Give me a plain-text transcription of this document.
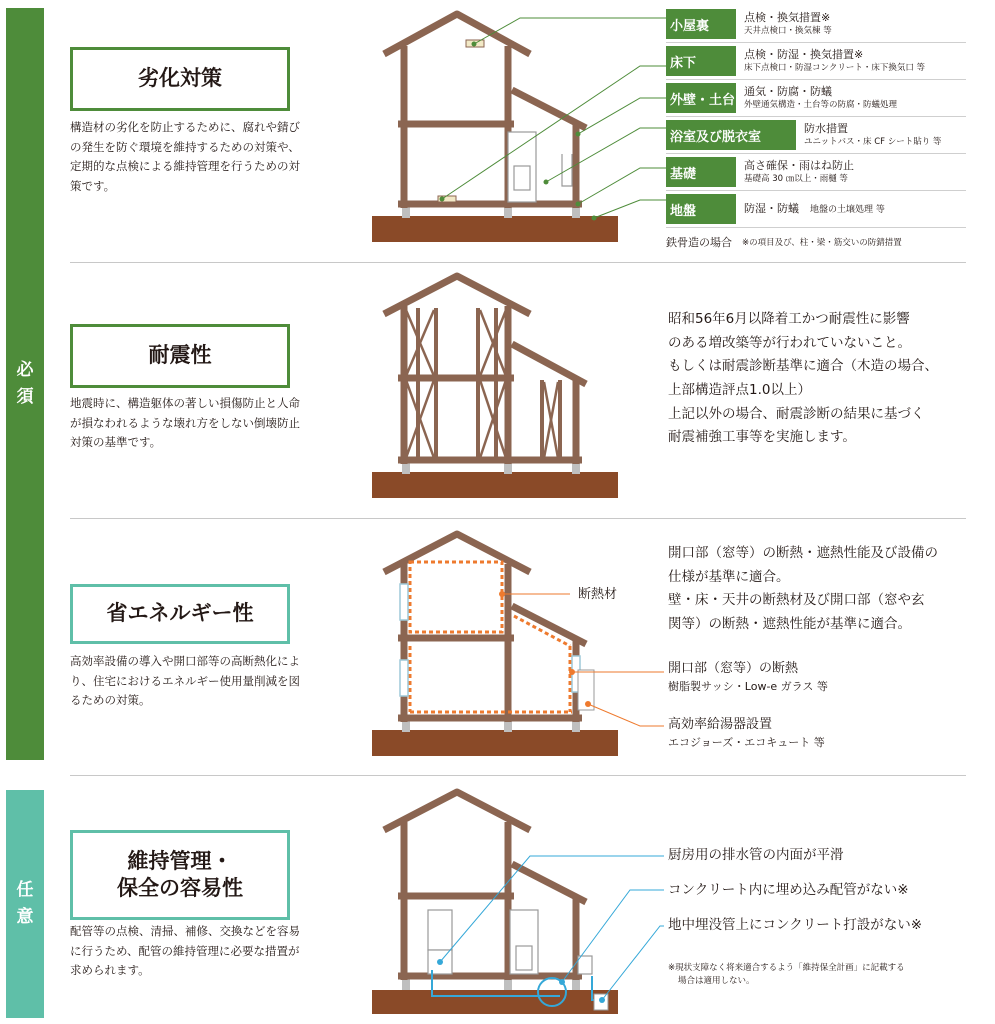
必
須
任
意
劣化対策
構造材の劣化を防止するために、腐れや錆びの発生を防ぐ環境を維持するための対策や、定期的な点検による維持管理を行うための対策です。
小屋裏
点検・換気措置※
天井点検口・換気棟 等
床下
点検・防湿・換気措置※
床下点検口・防湿コンクリート・床下換気口 等
外壁・土台
通気・防腐・防蟻
外壁通気構造・土台等の防腐・防蟻処理
浴室及び脱衣室
防水措置
ユニットバス・床 CF シート貼り 等
基礎
高さ確保・雨はね防止
基礎高 30 ㎝以上・雨樋 等
地盤	防湿・防蟻　 地盤の土壌処理 等
鉄骨造の場合 ※の項目及び、柱・梁・筋交いの防錆措置
耐震性
地震時に、構造躯体の著しい損傷防止と人命が損なわれるような壊れ方をしない倒壊防止対策の基準です。
昭和56年6月以降着工かつ耐震性に影響
のある増改築等が行われていないこと。
もしくは耐震診断基準に適合（木造の場合、
上部構造評点1.0以上）
上記以外の場合、耐震診断の結果に基づく
耐震補強工事等を実施します。
省エネルギー性
高効率設備の導入や開口部等の高断熱化により、住宅におけるエネルギー使用量削減を図るための対策。
開口部（窓等）の断熱・遮熱性能及び設備の
仕様が基準に適合。
壁・床・天井の断熱材及び開口部（窓や玄
関等）の断熱・遮熱性能が基準に適合。
断熱材
開口部（窓等）の断熱
樹脂製サッシ・Low-e ガラス 等
高効率給湯器設置
エコジョーズ・エコキュート 等
維持管理・
保全の容易性
配管等の点検、清掃、補修、交換などを容易に行うため、配管の維持管理に必要な措置が求められます。
厨房用の排水管の内面が平滑
コンクリート内に埋め込み配管がない※
地中埋没管上にコンクリート打設がない※
※現状支障なく将来適合するよう「維持保全計画」に記載する
場合は適用しない。
